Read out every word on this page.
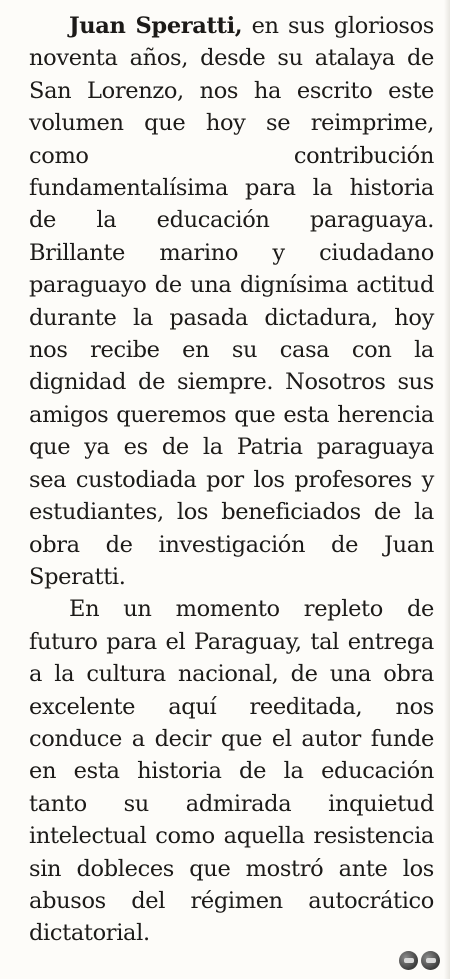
Juan Speratti, en sus gloriosos noventa años, desde su atalaya de San Lorenzo, nos ha escrito este volumen que hoy se reimprime, como contribución fundamentalísima para la historia de la educación paraguaya. Brillante marino y ciudadano paraguayo de una dignísima actitud durante la pasada dictadura, hoy nos recibe en su casa con la dignidad de siempre. Nosotros sus amigos queremos que esta herencia que ya es de la Patria paraguaya sea custodiada por los profesores y estudiantes, los beneficiados de la obra de investigación de Juan Speratti.

En un momento repleto de futuro para el Paraguay, tal entrega a la cultura nacional, de una obra excelente aquí reeditada, nos conduce a decir que el autor funde en esta historia de la educación tanto su admirada inquietud intelectual como aquella resistencia sin dobleces que mostró ante los abusos del régimen autocrático dictatorial.
